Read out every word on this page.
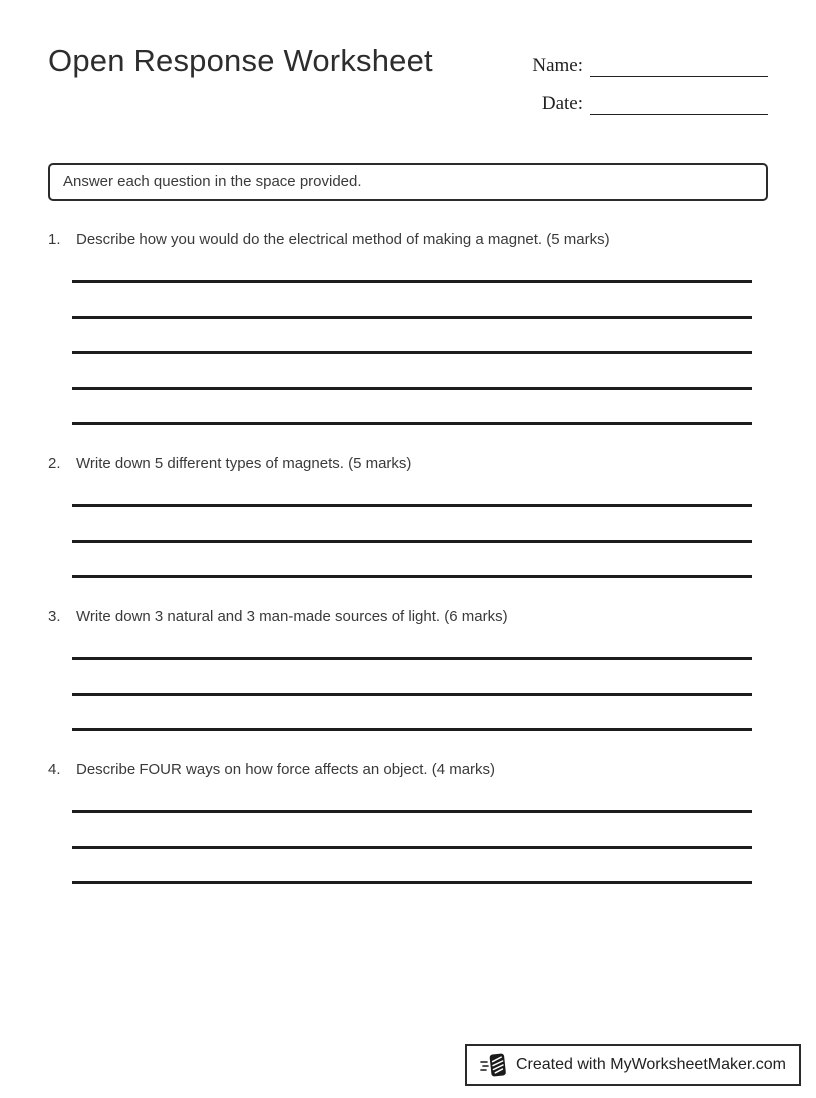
Open Response Worksheet	Name:
Date:
Answer each question in the space provided.
1.	Describe how you would do the electrical method of making a magnet. (5 marks)
2.	Write down 5 different types of magnets. (5 marks)
3.	Write down 3 natural and 3 man-made sources of light. (6 marks)
4.	Describe FOUR ways on how force affects an object. (4 marks)
Created with MyWorksheetMaker.com
